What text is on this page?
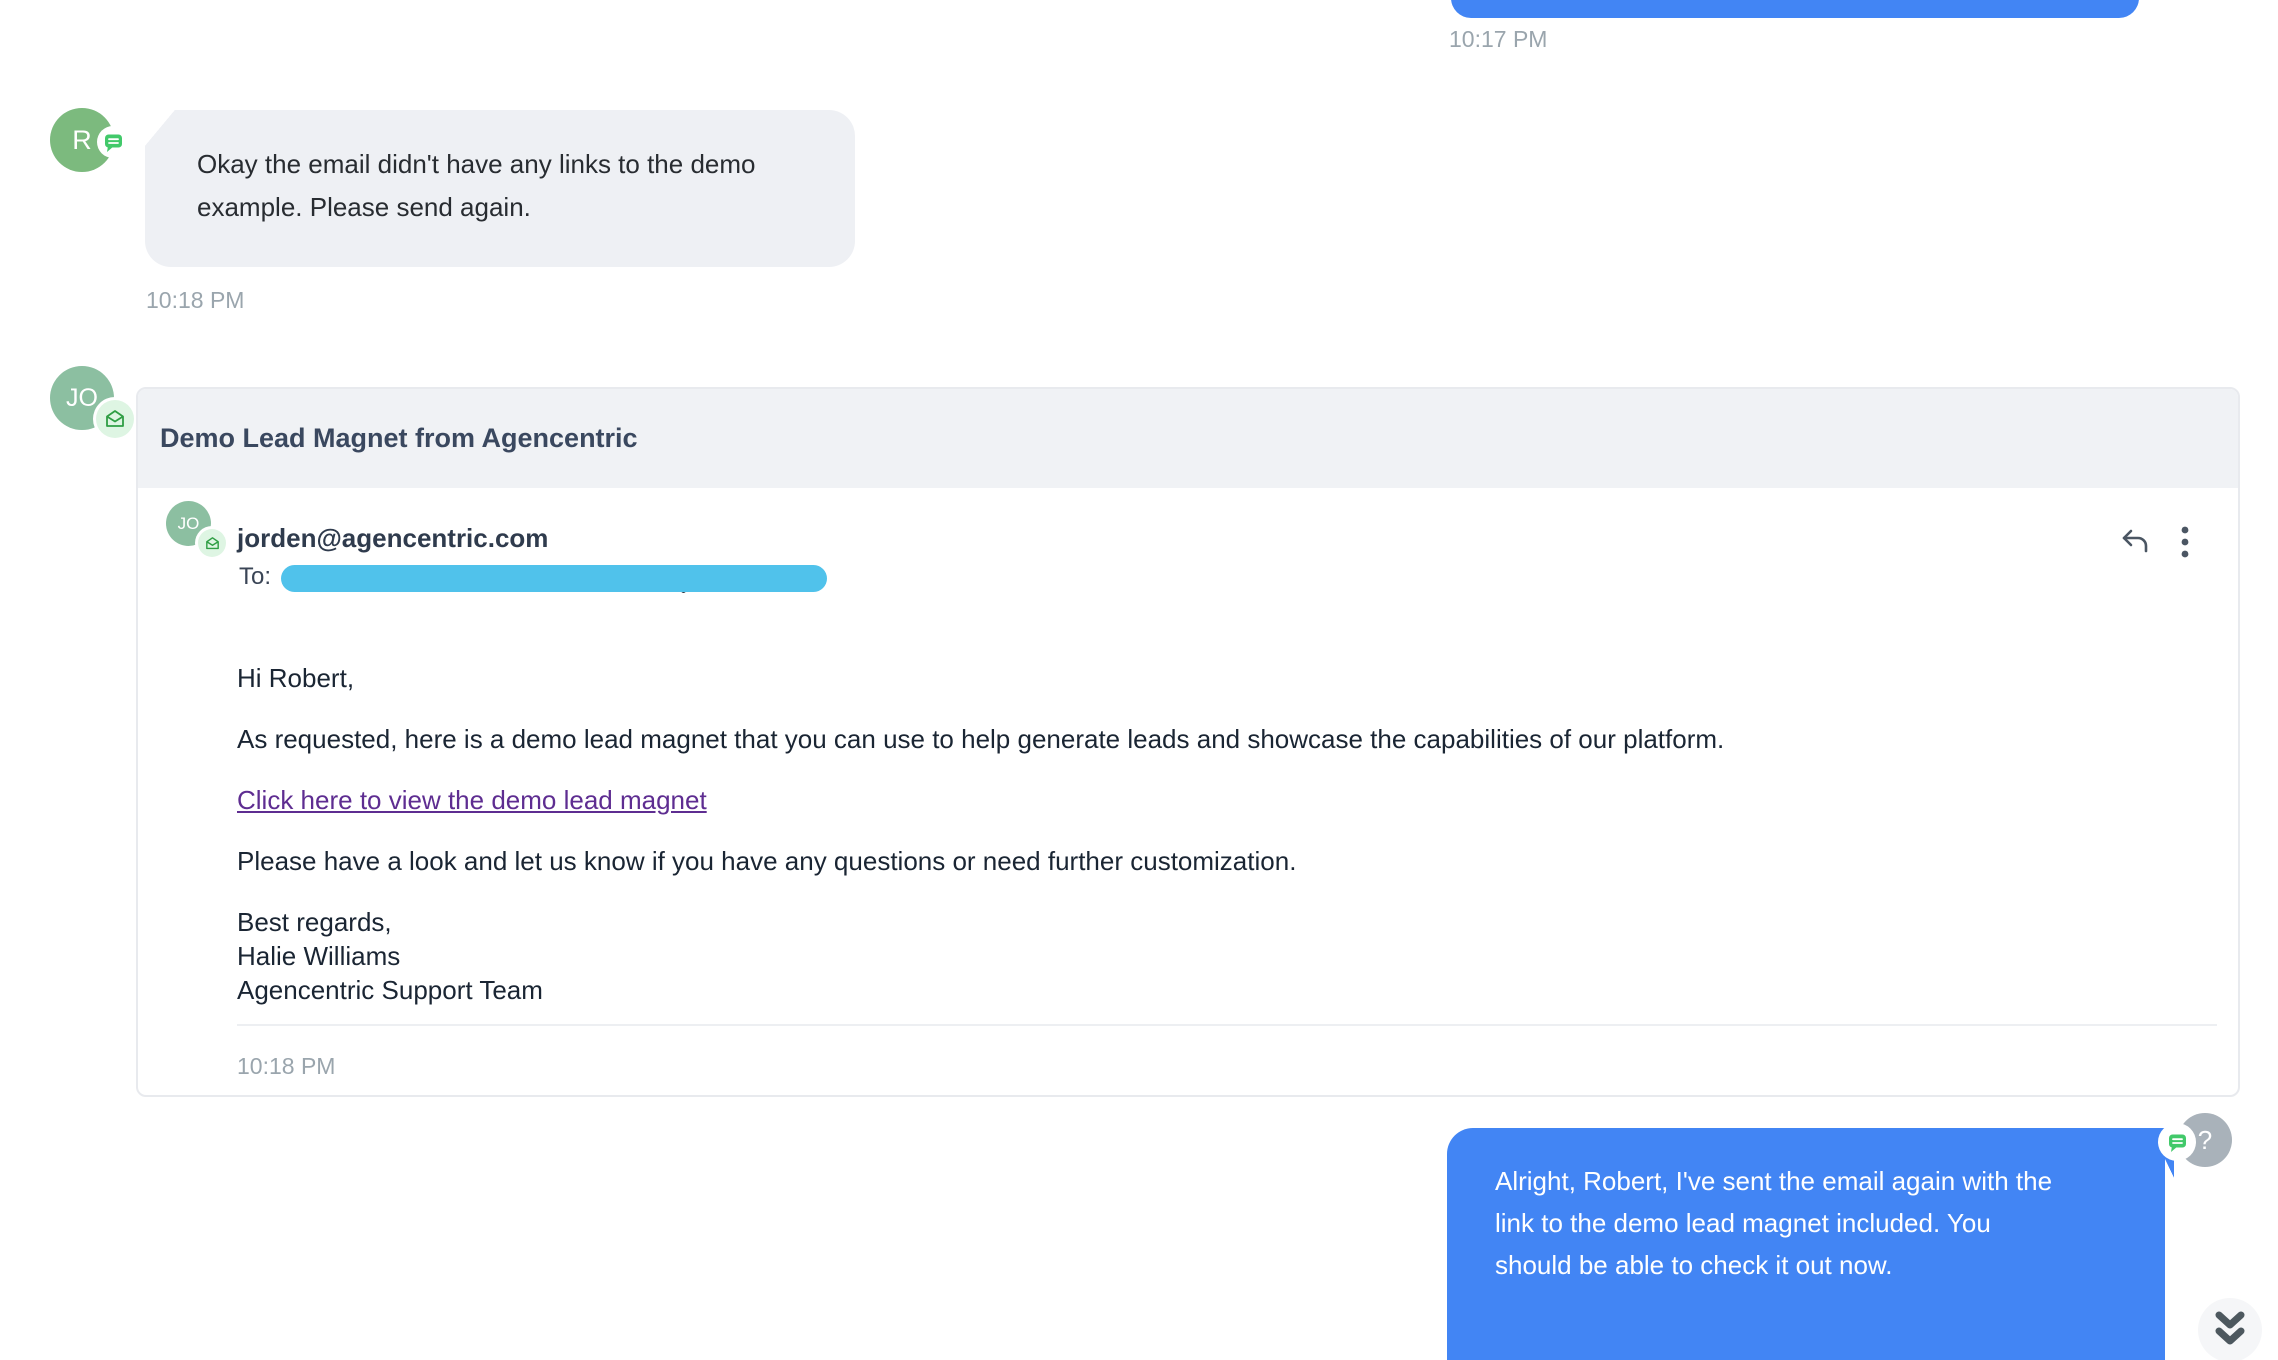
10:17 PM
R
Okay the email didn't have any links to the demo example. Please send again.
10:18 PM
JO
Demo Lead Magnet from Agencentric
JO jorden@agencentric.com
To:

Hi Robert,

As requested, here is a demo lead magnet that you can use to help generate leads and showcase the capabilities of our platform.

Click here to view the demo lead magnet

Please have a look and let us know if you have any questions or need further customization.

Best regards,
Halie Williams
Agencentric Support Team

10:18 PM
Alright, Robert, I've sent the email again with the link to the demo lead magnet included. You should be able to check it out now.
?
